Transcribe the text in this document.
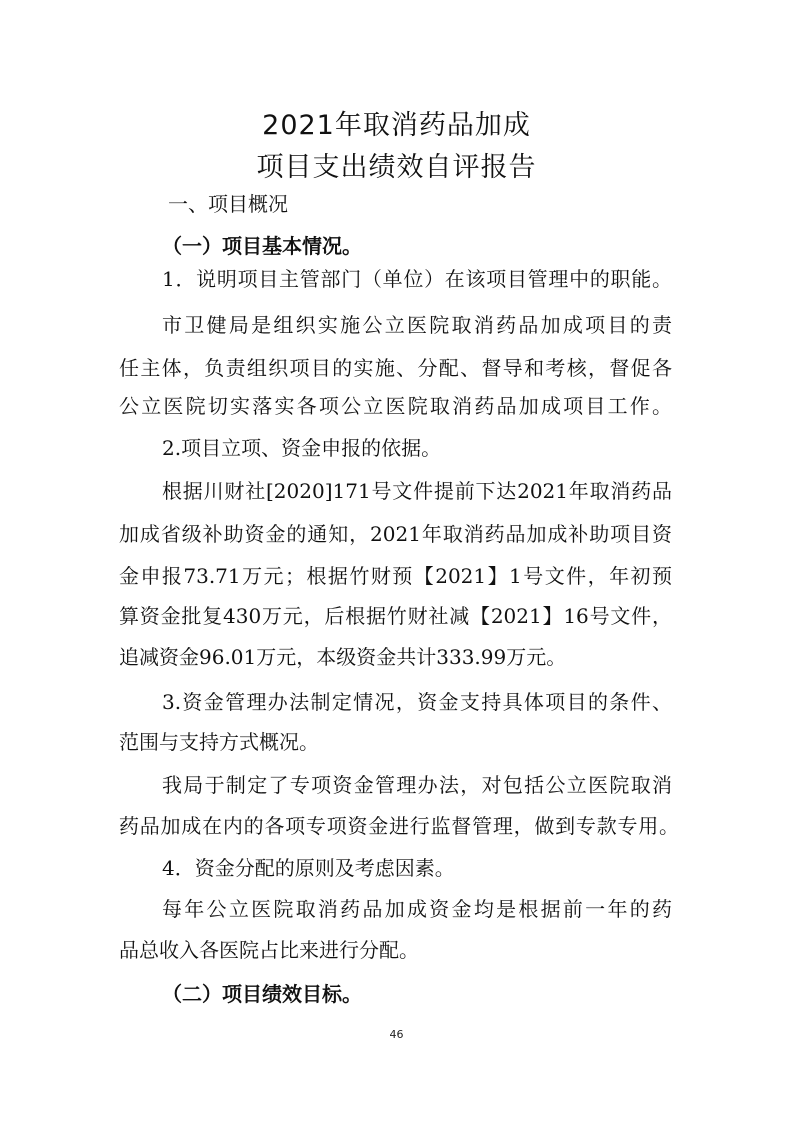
2021年取消药品加成
项目支出绩效自评报告
一、项目概况
（一）项目基本情况。
1．说明项目主管部门（单位）在该项目管理中的职能。
市卫健局是组织实施公立医院取消药品加成项目的责
任主体，负责组织项目的实施、分配、督导和考核，督促各
公立医院切实落实各项公立医院取消药品加成项目工作。
2.项目立项、资金申报的依据。
根据川财社[2020]171号文件提前下达2021年取消药品
加成省级补助资金的通知，2021年取消药品加成补助项目资
金申报73.71万元；根据竹财预【2021】1号文件，年初预
算资金批复430万元，后根据竹财社减【2021】16号文件，
追减资金96.01万元，本级资金共计333.99万元。
3.资金管理办法制定情况，资金支持具体项目的条件、
范围与支持方式概况。
我局于制定了专项资金管理办法，对包括公立医院取消
药品加成在内的各项专项资金进行监督管理，做到专款专用。
4．资金分配的原则及考虑因素。
每年公立医院取消药品加成资金均是根据前一年的药
品总收入各医院占比来进行分配。
（二）项目绩效目标。
46
